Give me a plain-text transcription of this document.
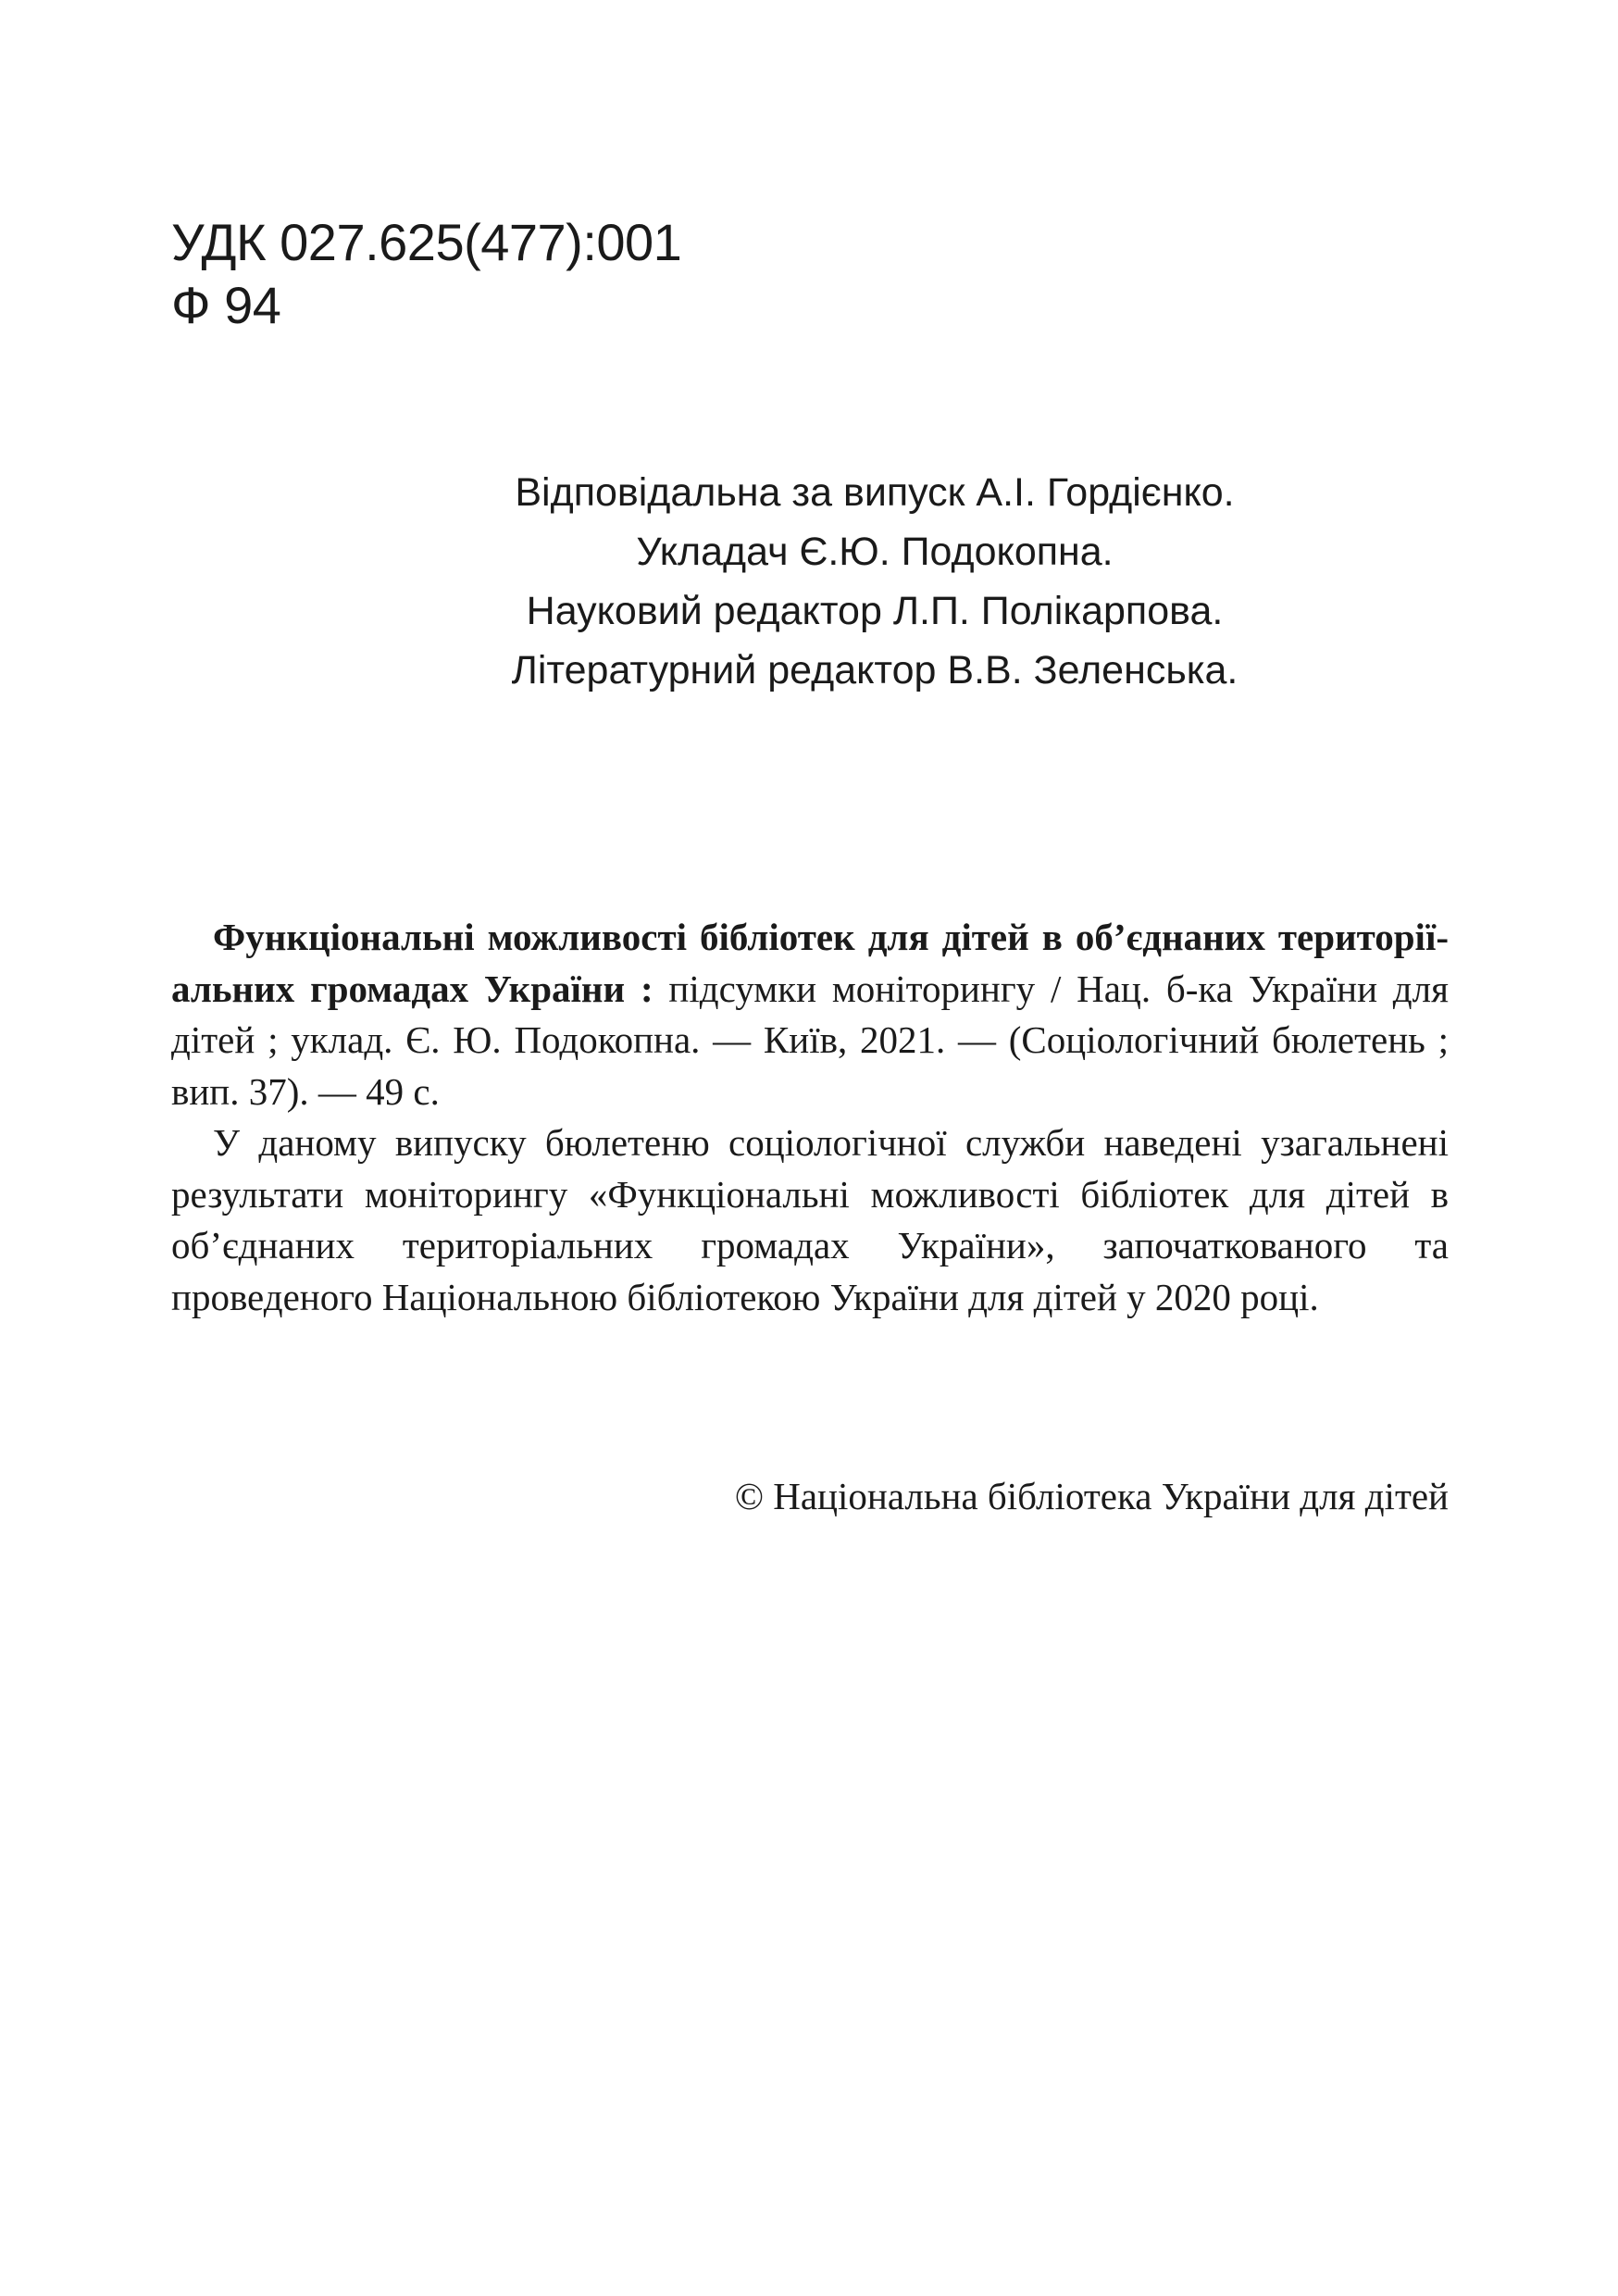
УДК 027.625(477):001
Ф 94
Відповідальна за випуск А.І. Гордієнко.
Укладач Є.Ю. Подокопна.
Науковий редактор Л.П. Полікарпова.
Літературний редактор В.В. Зеленська.

Функціональні можливості бібліотек для дітей в об’єднаних територіїальних громадах України : підсумки моніторингу / Нац. б-ка України для дітей ; уклад. Є. Ю. Подокопна. — Київ, 2021. — (Соціологічний бюлетень ; вип. 37). — 49 с.

У даному випуску бюлетеню соціологічної служби наведені узагальнені результати моніторингу «Функціональні можливості бібліотек для дітей в об’єднаних територіальних громадах України», започаткованого та проведеного Національною бібліотекою України для дітей у 2020 році.

© Національна бібліотека України для дітей
